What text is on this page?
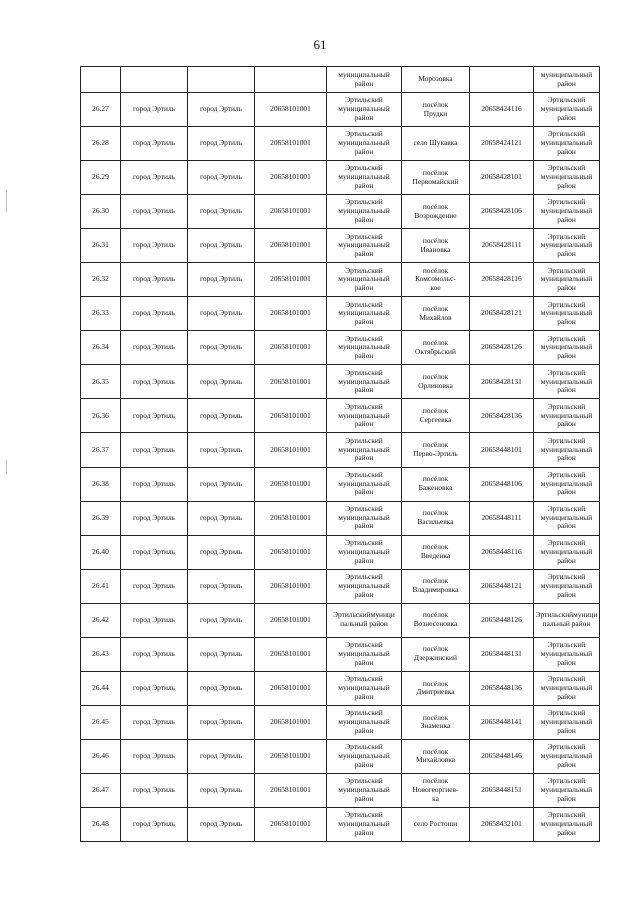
61
				муниципальный
район	Морозовка		муниципальный
район
26.27	город Эртиль	город Эртиль	20658101001	Эртильский
муниципальный
район	посёлок
Прудки	20658424116	Эртильский
муниципальный
район
26.28	город Эртиль	город Эртиль	20658101001	Эртильский
муниципальный
район	село Шукавка	20658424121	Эртильский
муниципальный
район
26.29	город Эртиль	город Эртиль	20658101001	Эртильский
муниципальный
район	посёлок
Первомайский	20658428101	Эртильский
муниципальный
район
26.30	город Эртиль	город Эртиль	20658101001	Эртильский
муниципальный
район	посёлок
Возрождение	20658428106	Эртильский
муниципальный
район
26.31	город Эртиль	город Эртиль	20658101001	Эртильский
муниципальный
район	посёлок
Ивановка	20658428111	Эртильский
муниципальный
район
26.32	город Эртиль	город Эртиль	20658101001	Эртильский
муниципальный
район	посёлок
Комсомольс-
кое	20658428116	Эртильский
муниципальный
район
26.33	город Эртиль	город Эртиль	20658101001	Эртильский
муниципальный
район	посёлок
Михайлов	20658428121	Эртильский
муниципальный
район
26.34	город Эртиль	город Эртиль	20658101001	Эртильский
муниципальный
район	посёлок
Октябрьский	20658428126	Эртильский
муниципальный
район
26.35	город Эртиль	город Эртиль	20658101001	Эртильский
муниципальный
район	посёлок
Орлиновка	20658428131	Эртильский
муниципальный
район
26.36	город Эртиль	город Эртиль	20658101001	Эртильский
муниципальный
район	посёлок
Сергеевка	20658428136	Эртильский
муниципальный
район
26.37	город Эртиль	город Эртиль	20658101001	Эртильский
муниципальный
район	посёлок
Перво-Эртиль	20658448101	Эртильский
муниципальный
район
26.38	город Эртиль	город Эртиль	20658101001	Эртильский
муниципальный
район	посёлок
Баженовка	20658448106	Эртильский
муниципальный
район
26.39	город Эртиль	город Эртиль	20658101001	Эртильский
муниципальный
район	посёлок
Васильевка	20658448111	Эртильский
муниципальный
район
26.40	город Эртиль	город Эртиль	20658101001	Эртильский
муниципальный
район	посёлок
Введенка	20658448116	Эртильский
муниципальный
район
26.41	город Эртиль	город Эртиль	20658101001	Эртильский
муниципальный
район	посёлок
Владимировка	20658448121	Эртильский
муниципальный
район
26.42	город Эртиль	город Эртиль	20658101001	Эртильскиймуници
пальный район	посёлок
Вознесеновка	20658448126	Эртильскиймуници
пальный район
26.43	город Эртиль	город Эртиль	20658101001	Эртильский
муниципальный
район	посёлок
Дзержинский	20658448131	Эртильский
муниципальный
район
26.44	город Эртиль	город Эртиль	20658101001	Эртильский
муниципальный
район	посёлок
Дмитриевка	20658448136	Эртильский
муниципальный
район
26.45	город Эртиль	город Эртиль	20658101001	Эртильский
муниципальный
район	посёлок
Знаменка	20658448141	Эртильский
муниципальный
район
26.46	город Эртиль	город Эртиль	20658101001	Эртильский
муниципальный
район	посёлок
Михайловка	20658448146	Эртильский
муниципальный
район
26.47	город Эртиль	город Эртиль	20658101001	Эртильский
муниципальный
район	посёлок
Новогеоргиев-
ка	20658448151	Эртильский
муниципальный
район
26.48	город Эртиль	город Эртиль	20658101001	Эртильский
муниципальный
район	село Ростоши	20658432101	Эртильский
муниципальный
район
